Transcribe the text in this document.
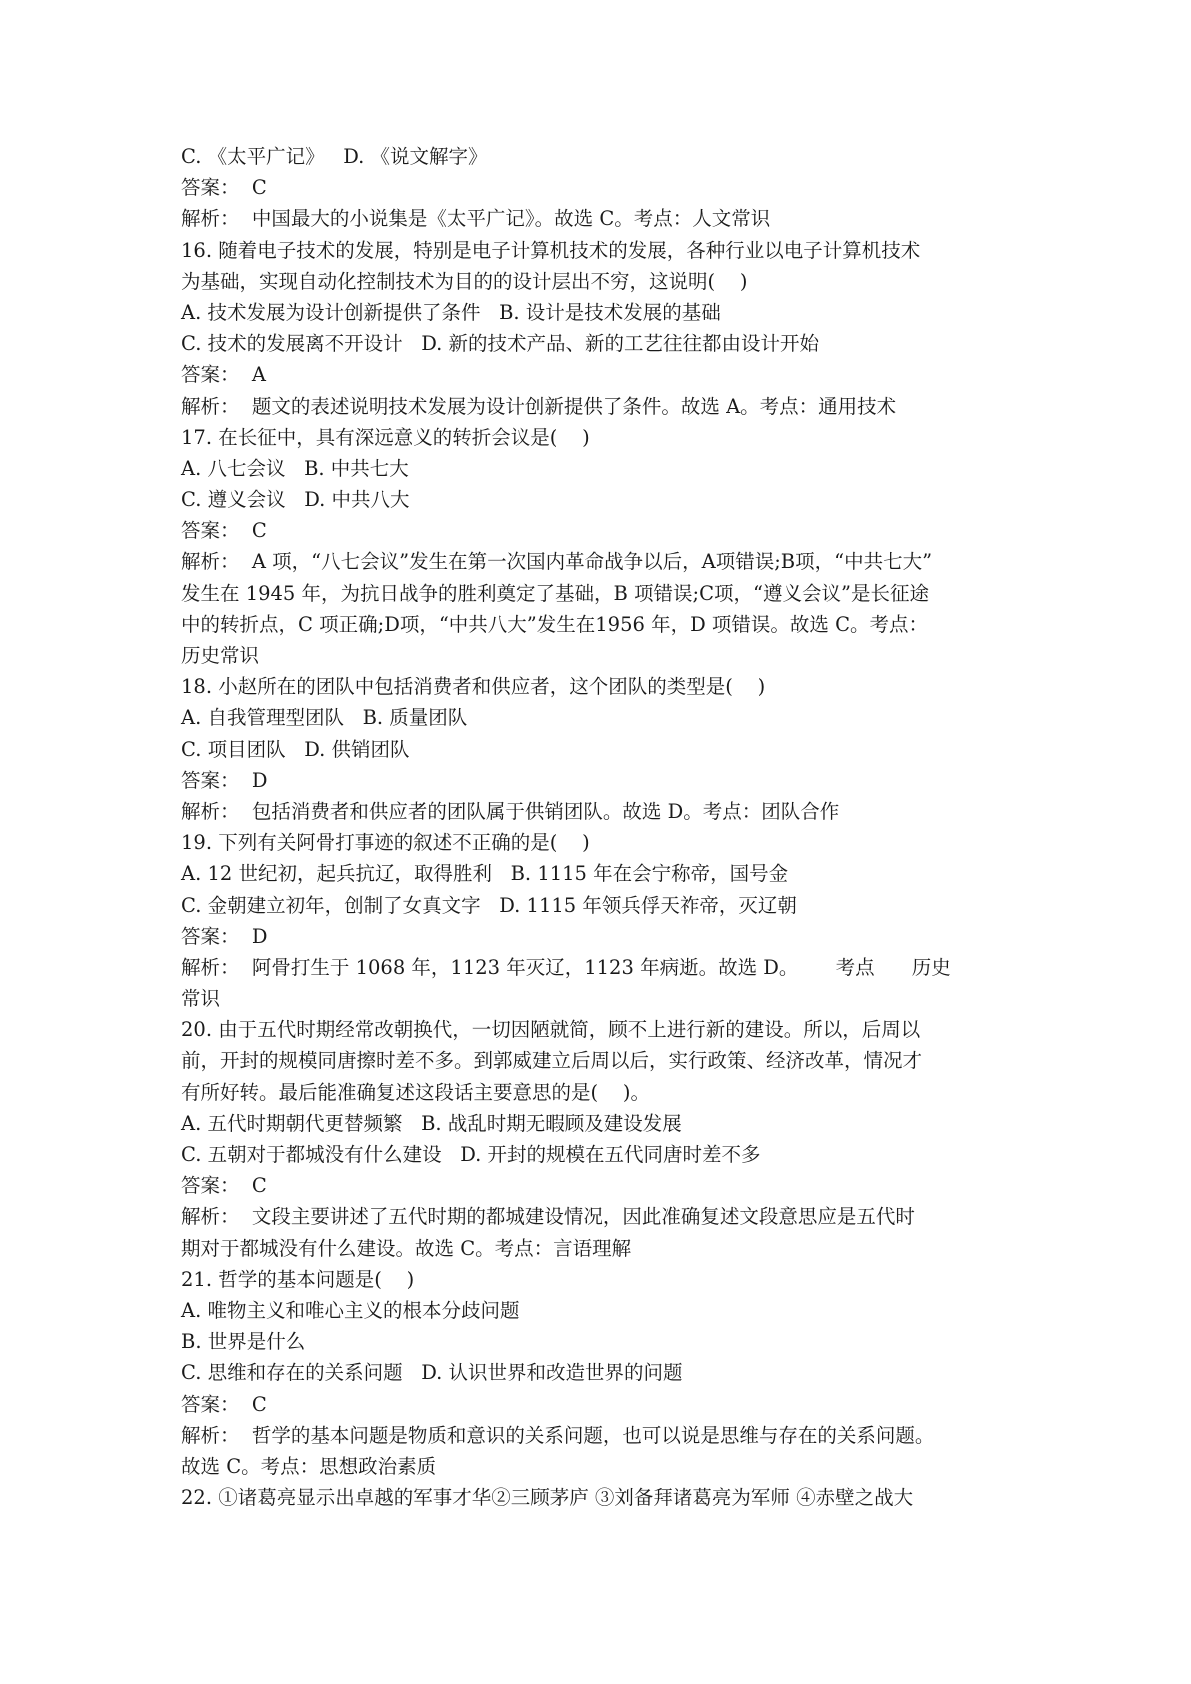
C. 《太平广记》   D. 《说文解字》
答案：  C
解析：  中国最大的小说集是《太平广记》。故选 C。考点：人文常识
16. 随着电子技术的发展，特别是电子计算机技术的发展，各种行业以电子计算机技术
为基础，实现自动化控制技术为目的的设计层出不穷，这说明(    )
A. 技术发展为设计创新提供了条件   B. 设计是技术发展的基础
C. 技术的发展离不开设计   D. 新的技术产品、新的工艺往往都由设计开始
答案：  A
解析：  题文的表述说明技术发展为设计创新提供了条件。故选 A。考点：通用技术
17. 在长征中，具有深远意义的转折会议是(    )
A. 八七会议   B. 中共七大
C. 遵义会议   D. 中共八大
答案：  C
解析：  A 项，“八七会议”发生在第一次国内革命战争以后，A项错误;B项，“中共七大”
发生在 1945 年，为抗日战争的胜利奠定了基础，B 项错误;C项，“遵义会议”是长征途
中的转折点，C 项正确;D项，“中共八大”发生在1956 年，D 项错误。故选 C。考点：
历史常识
18. 小赵所在的团队中包括消费者和供应者，这个团队的类型是(    )
A. 自我管理型团队   B. 质量团队
C. 项目团队   D. 供销团队
答案：  D
解析：  包括消费者和供应者的团队属于供销团队。故选 D。考点：团队合作
19. 下列有关阿骨打事迹的叙述不正确的是(    )
A. 12 世纪初，起兵抗辽，取得胜利   B. 1115 年在会宁称帝，国号金
C. 金朝建立初年，创制了女真文字   D. 1115 年领兵俘天祚帝，灭辽朝
答案：  D
解析：  阿骨打生于 1068 年，1123 年灭辽，1123 年病逝。故选 D。      考点      历史
常识
20. 由于五代时期经常改朝换代，一切因陋就简，顾不上进行新的建设。所以，后周以
前，开封的规模同唐擦时差不多。到郭威建立后周以后，实行政策、经济改革，情况才
有所好转。最后能准确复述这段话主要意思的是(    )。
A. 五代时期朝代更替频繁   B. 战乱时期无暇顾及建设发展
C. 五朝对于都城没有什么建设   D. 开封的规模在五代同唐时差不多
答案：  C
解析：  文段主要讲述了五代时期的都城建设情况，因此准确复述文段意思应是五代时
期对于都城没有什么建设。故选 C。考点：言语理解
21. 哲学的基本问题是(    )
A. 唯物主义和唯心主义的根本分歧问题
B. 世界是什么
C. 思维和存在的关系问题   D. 认识世界和改造世界的问题
答案：  C
解析：  哲学的基本问题是物质和意识的关系问题，也可以说是思维与存在的关系问题。
故选 C。考点：思想政治素质
22. ①诸葛亮显示出卓越的军事才华②三顾茅庐 ③刘备拜诸葛亮为军师 ④赤壁之战大
